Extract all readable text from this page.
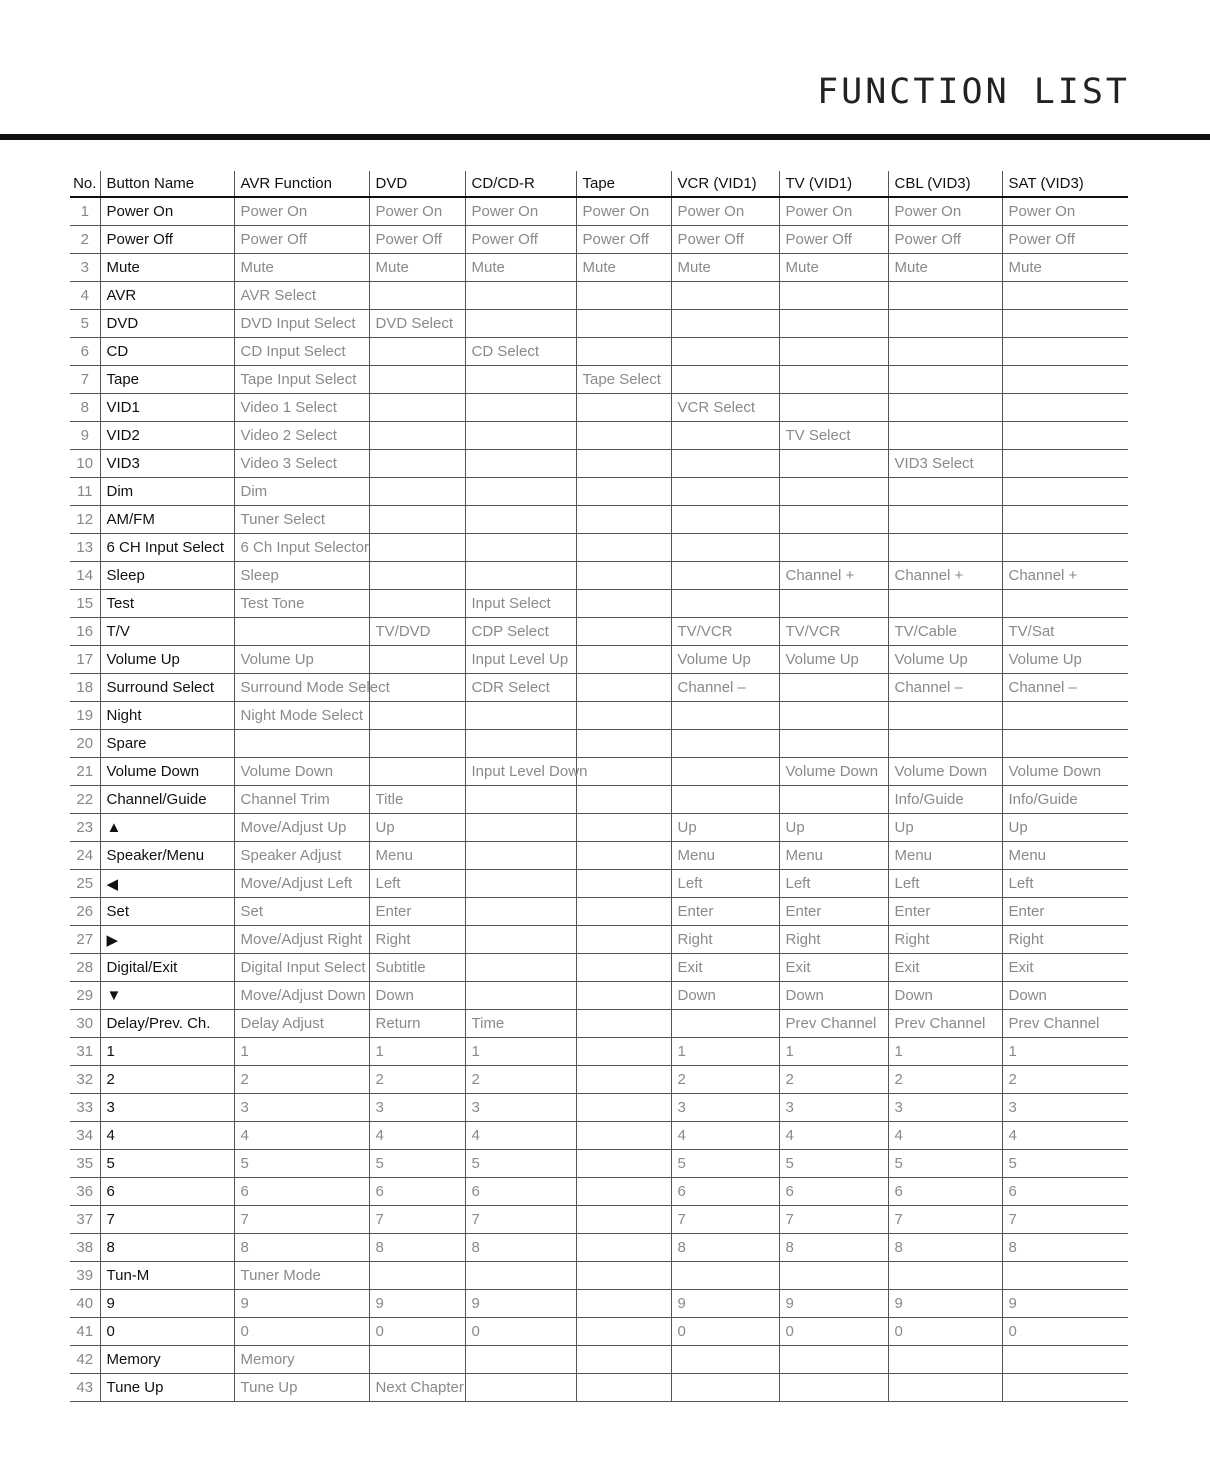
FUNCTION LIST
No.	Button Name	AVR Function	DVD	CD/CD-R	Tape	VCR (VID1)	TV (VID1)	CBL (VID3)	SAT (VID3)
1	Power On	Power On	Power On	Power On	Power On	Power On	Power On	Power On	Power On
2	Power Off	Power Off	Power Off	Power Off	Power Off	Power Off	Power Off	Power Off	Power Off
3	Mute	Mute	Mute	Mute	Mute	Mute	Mute	Mute	Mute
4	AVR	AVR Select							
5	DVD	DVD Input Select	DVD Select						
6	CD	CD Input Select		CD Select					
7	Tape	Tape Input Select			Tape Select				
8	VID1	Video 1 Select				VCR Select			
9	VID2	Video 2 Select					TV Select		
10	VID3	Video 3 Select						VID3 Select	
11	Dim	Dim							
12	AM/FM	Tuner Select							
13	6 CH Input Select	6 Ch Input Selector							
14	Sleep	Sleep					Channel +	Channel +	Channel +
15	Test	Test Tone		Input Select					
16	T/V		TV/DVD	CDP Select		TV/VCR	TV/VCR	TV/Cable	TV/Sat
17	Volume Up	Volume Up		Input Level Up		Volume Up	Volume Up	Volume Up	Volume Up
18	Surround Select	Surround Mode Select		CDR Select		Channel –		Channel –	Channel –
19	Night	Night Mode Select							
20	Spare								
21	Volume Down	Volume Down		Input Level Down			Volume Down	Volume Down	Volume Down
22	Channel/Guide	Channel Trim	Title					Info/Guide	Info/Guide
23	▲	Move/Adjust Up	Up			Up	Up	Up	Up
24	Speaker/Menu	Speaker Adjust	Menu			Menu	Menu	Menu	Menu
25	◀	Move/Adjust Left	Left			Left	Left	Left	Left
26	Set	Set	Enter			Enter	Enter	Enter	Enter
27	▶	Move/Adjust Right	Right			Right	Right	Right	Right
28	Digital/Exit	Digital Input Select	Subtitle			Exit	Exit	Exit	Exit
29	▼	Move/Adjust Down	Down			Down	Down	Down	Down
30	Delay/Prev. Ch.	Delay Adjust	Return	Time			Prev Channel	Prev Channel	Prev Channel
31	1	1	1	1		1	1	1	1
32	2	2	2	2		2	2	2	2
33	3	3	3	3		3	3	3	3
34	4	4	4	4		4	4	4	4
35	5	5	5	5		5	5	5	5
36	6	6	6	6		6	6	6	6
37	7	7	7	7		7	7	7	7
38	8	8	8	8		8	8	8	8
39	Tun-M	Tuner Mode							
40	9	9	9	9		9	9	9	9
41	0	0	0	0		0	0	0	0
42	Memory	Memory							
43	Tune Up	Tune Up	Next Chapter						
